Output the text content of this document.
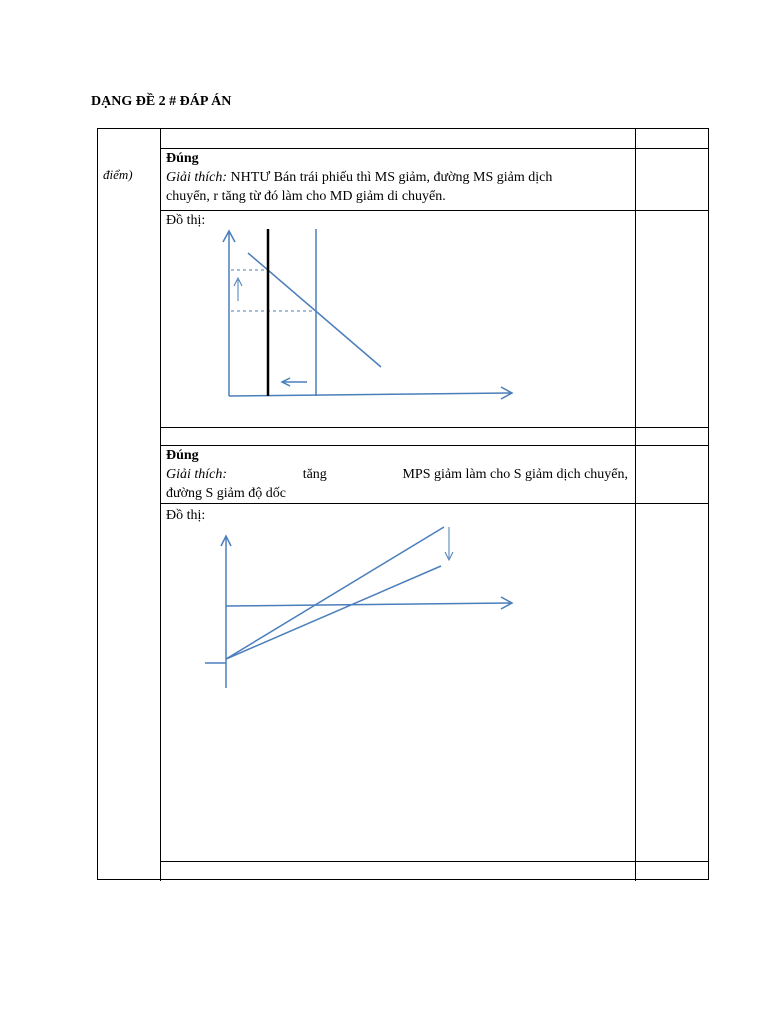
DẠNG ĐỀ 2 # ĐÁP ÁN
điểm)
Đúng
Giải thích: NHTƯ Bán trái phiếu thì MS giảm, đường MS giảm dịch
chuyển, r tăng từ đó làm cho MD giảm di chuyển.
Đồ thị:
Đúng
Giải thích:	tăng	MPS giảm làm cho S giảm dịch chuyển,
đường S giảm độ dốc
Đồ thị:
